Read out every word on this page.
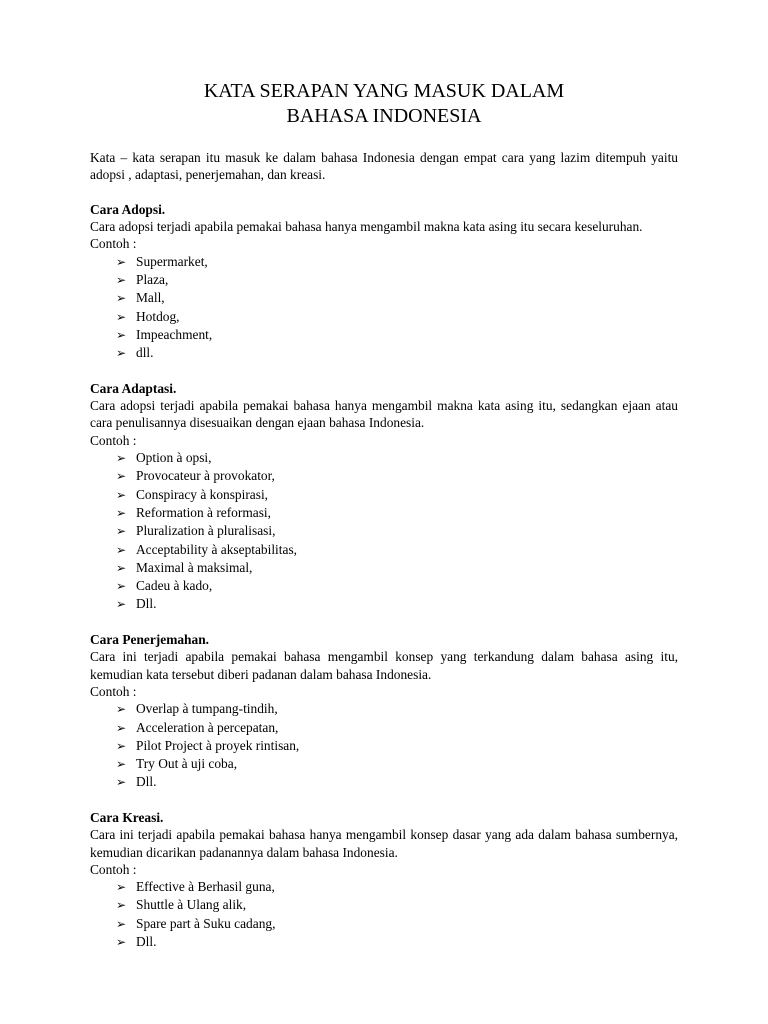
KATA SERAPAN YANG MASUK DALAM
BAHASA INDONESIA

Kata – kata serapan itu masuk ke dalam bahasa Indonesia dengan empat cara yang lazim ditempuh yaitu adopsi , adaptasi, penerjemahan, dan kreasi.

Cara Adopsi.

Cara adopsi terjadi apabila pemakai bahasa hanya mengambil makna kata asing itu secara keseluruhan.

Contoh :

➢ Supermarket,
➢ Plaza,
➢ Mall,
➢ Hotdog,
➢ Impeachment,
➢ dll.

Cara Adaptasi.

Cara adopsi terjadi apabila pemakai bahasa hanya mengambil makna kata asing itu, sedangkan ejaan atau cara penulisannya disesuaikan dengan ejaan bahasa Indonesia.

Contoh :

➢ Option à opsi,
➢ Provocateur à provokator,
➢ Conspiracy à konspirasi,
➢ Reformation à reformasi,
➢ Pluralization à pluralisasi,
➢ Acceptability à akseptabilitas,
➢ Maximal à maksimal,
➢ Cadeu à kado,
➢ Dll.

Cara Penerjemahan.

Cara ini terjadi apabila pemakai bahasa mengambil konsep yang terkandung dalam bahasa asing itu, kemudian kata tersebut diberi padanan dalam bahasa Indonesia.

Contoh :

➢ Overlap à tumpang-tindih,
➢ Acceleration à percepatan,
➢ Pilot Project à proyek rintisan,
➢ Try Out à uji coba,
➢ Dll.

Cara Kreasi.

Cara ini terjadi apabila pemakai bahasa hanya mengambil konsep dasar yang ada dalam bahasa sumbernya, kemudian dicarikan padanannya dalam bahasa Indonesia.

Contoh :

➢ Effective à Berhasil guna,
➢ Shuttle à Ulang alik,
➢ Spare part à Suku cadang,
➢ Dll.
